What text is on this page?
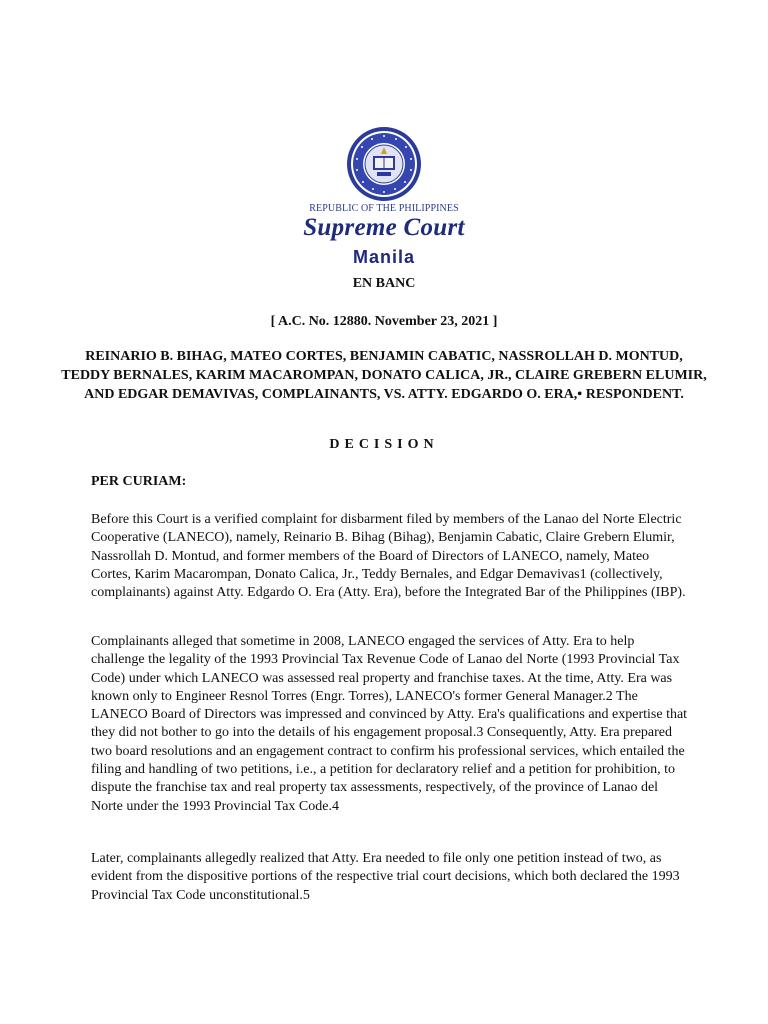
REPUBLIC OF THE PHILIPPINES
Supreme Court
Manila
EN BANC
[ A.C. No. 12880. November 23, 2021 ]
REINARIO B. BIHAG, MATEO CORTES, BENJAMIN CABATIC, NASSROLLAH D. MONTUD, TEDDY BERNALES, KARIM MACAROMPAN, DONATO CALICA, JR., CLAIRE GREBERN ELUMIR, AND EDGAR DEMAVIVAS, COMPLAINANTS, VS. ATTY. EDGARDO O. ERA,• RESPONDENT.
DECISION
PER CURIAM:
Before this Court is a verified complaint for disbarment filed by members of the Lanao del Norte Electric Cooperative (LANECO), namely, Reinario B. Bihag (Bihag), Benjamin Cabatic, Claire Grebern Elumir, Nassrollah D. Montud, and former members of the Board of Directors of LANECO, namely, Mateo Cortes, Karim Macarompan, Donato Calica, Jr., Teddy Bernales, and Edgar Demavivas1 (collectively, complainants) against Atty. Edgardo O. Era (Atty. Era), before the Integrated Bar of the Philippines (IBP).
Complainants alleged that sometime in 2008, LANECO engaged the services of Atty. Era to help challenge the legality of the 1993 Provincial Tax Revenue Code of Lanao del Norte (1993 Provincial Tax Code) under which LANECO was assessed real property and franchise taxes. At the time, Atty. Era was known only to Engineer Resnol Torres (Engr. Torres), LANECO's former General Manager.2 The LANECO Board of Directors was impressed and convinced by Atty. Era's qualifications and expertise that they did not bother to go into the details of his engagement proposal.3 Consequently, Atty. Era prepared two board resolutions and an engagement contract to confirm his professional services, which entailed the filing and handling of two petitions, i.e., a petition for declaratory relief and a petition for prohibition, to dispute the franchise tax and real property tax assessments, respectively, of the province of Lanao del Norte under the 1993 Provincial Tax Code.4
Later, complainants allegedly realized that Atty. Era needed to file only one petition instead of two, as evident from the dispositive portions of the respective trial court decisions, which both declared the 1993 Provincial Tax Code unconstitutional.5
